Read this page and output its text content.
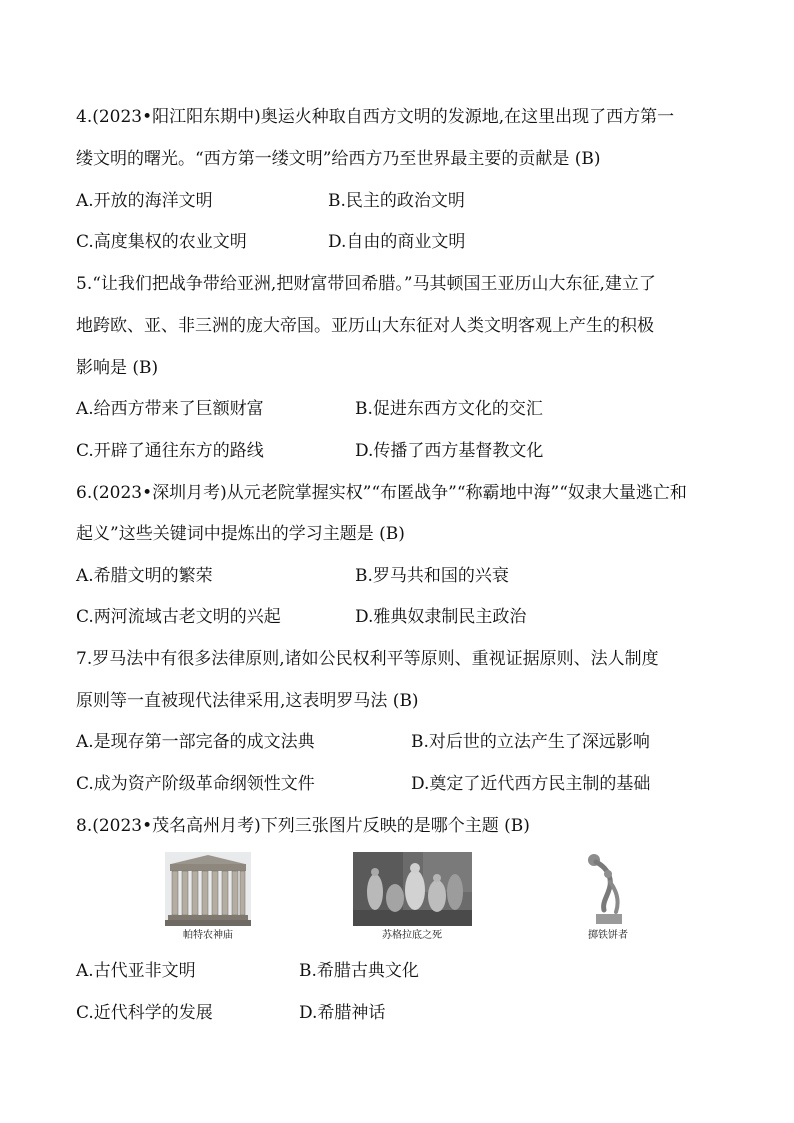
4.(2023•阳江阳东期中)奥运火种取自西方文明的发源地,在这里出现了西方第一
缕文明的曙光。“西方第一缕文明”给西方乃至世界最主要的贡献是 (B)
A.开放的海洋文明	B.民主的政治文明
C.高度集权的农业文明	D.自由的商业文明
5.“让我们把战争带给亚洲,把财富带回希腊。”马其顿国王亚历山大东征,建立了
地跨欧、亚、非三洲的庞大帝国。亚历山大东征对人类文明客观上产生的积极
影响是 (B)
A.给西方带来了巨额财富	B.促进东西方文化的交汇
C.开辟了通往东方的路线	D.传播了西方基督教文化
6.(2023•深圳月考)从元老院掌握实权”“布匿战争”“称霸地中海”“奴隶大量逃亡和
起义”这些关键词中提炼出的学习主题是 (B)
A.希腊文明的繁荣	B.罗马共和国的兴衰
C.两河流域古老文明的兴起	D.雅典奴隶制民主政治
7.罗马法中有很多法律原则,诸如公民权利平等原则、重视证据原则、法人制度
原则等一直被现代法律采用,这表明罗马法 (B)
A.是现存第一部完备的成文法典	B.对后世的立法产生了深远影响
C.成为资产阶级革命纲领性文件	D.奠定了近代西方民主制的基础
8.(2023•茂名高州月考)下列三张图片反映的是哪个主题 (B)
帕特农神庙	苏格拉底之死	掷铁饼者
A.古代亚非文明	B.希腊古典文化
C.近代科学的发展	D.希腊神话
